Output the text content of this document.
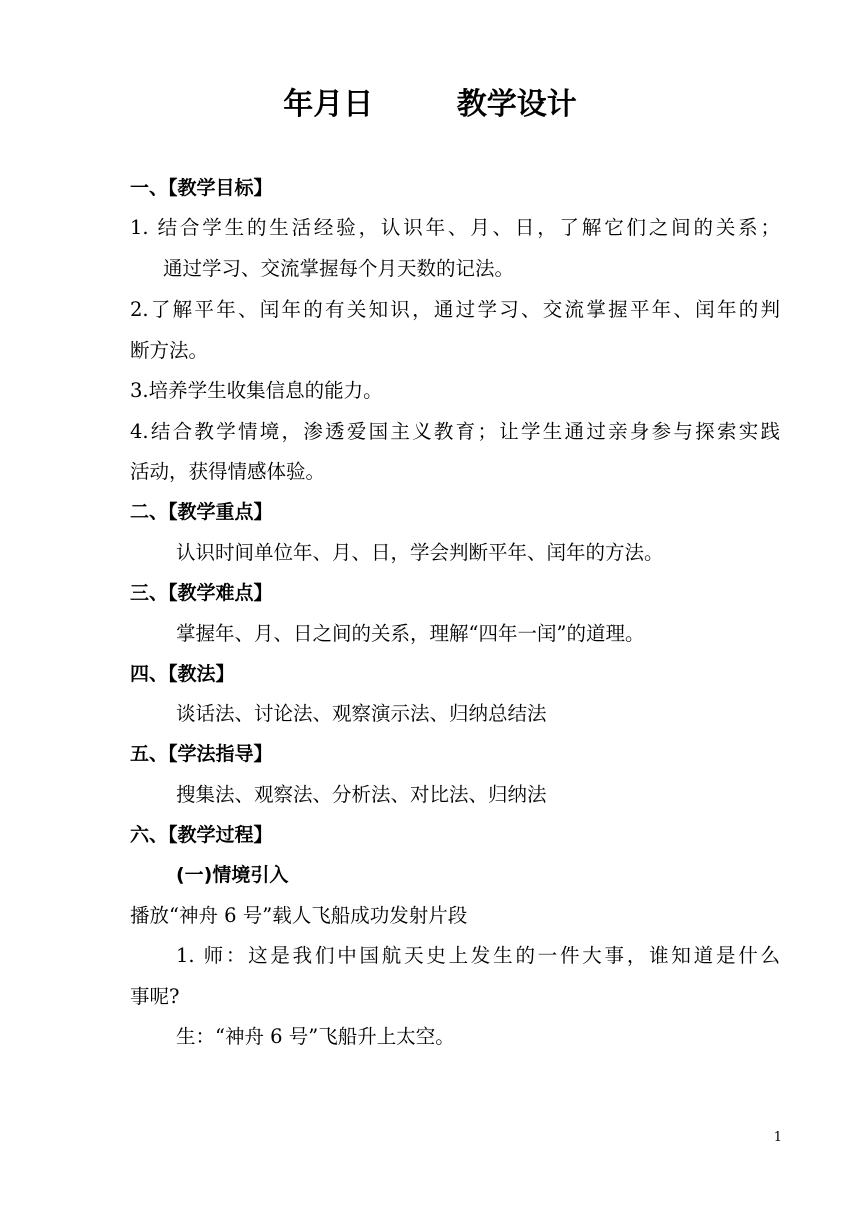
年月日        教学设计
一、【教学目标】
1. 结合学生的生活经验，认识年、月、日，了解它们之间的关系；
通过学习、交流掌握每个月天数的记法。
2.了解平年、闰年的有关知识，通过学习、交流掌握平年、闰年的判
断方法。
3.培养学生收集信息的能力。
4.结合教学情境，渗透爱国主义教育；让学生通过亲身参与探索实践
活动，获得情感体验。
二、【教学重点】
认识时间单位年、月、日，学会判断平年、闰年的方法。
三、【教学难点】
掌握年、月、日之间的关系，理解“四年一闰”的道理。
四、【教法】
谈话法、讨论法、观察演示法、归纳总结法
五、【学法指导】
搜集法、观察法、分析法、对比法、归纳法
六、【教学过程】
(一)情境引入
播放“神舟 6 号”载人飞船成功发射片段
1. 师：这是我们中国航天史上发生的一件大事，谁知道是什么
事呢?
生：“神舟 6 号”飞船升上太空。
1
